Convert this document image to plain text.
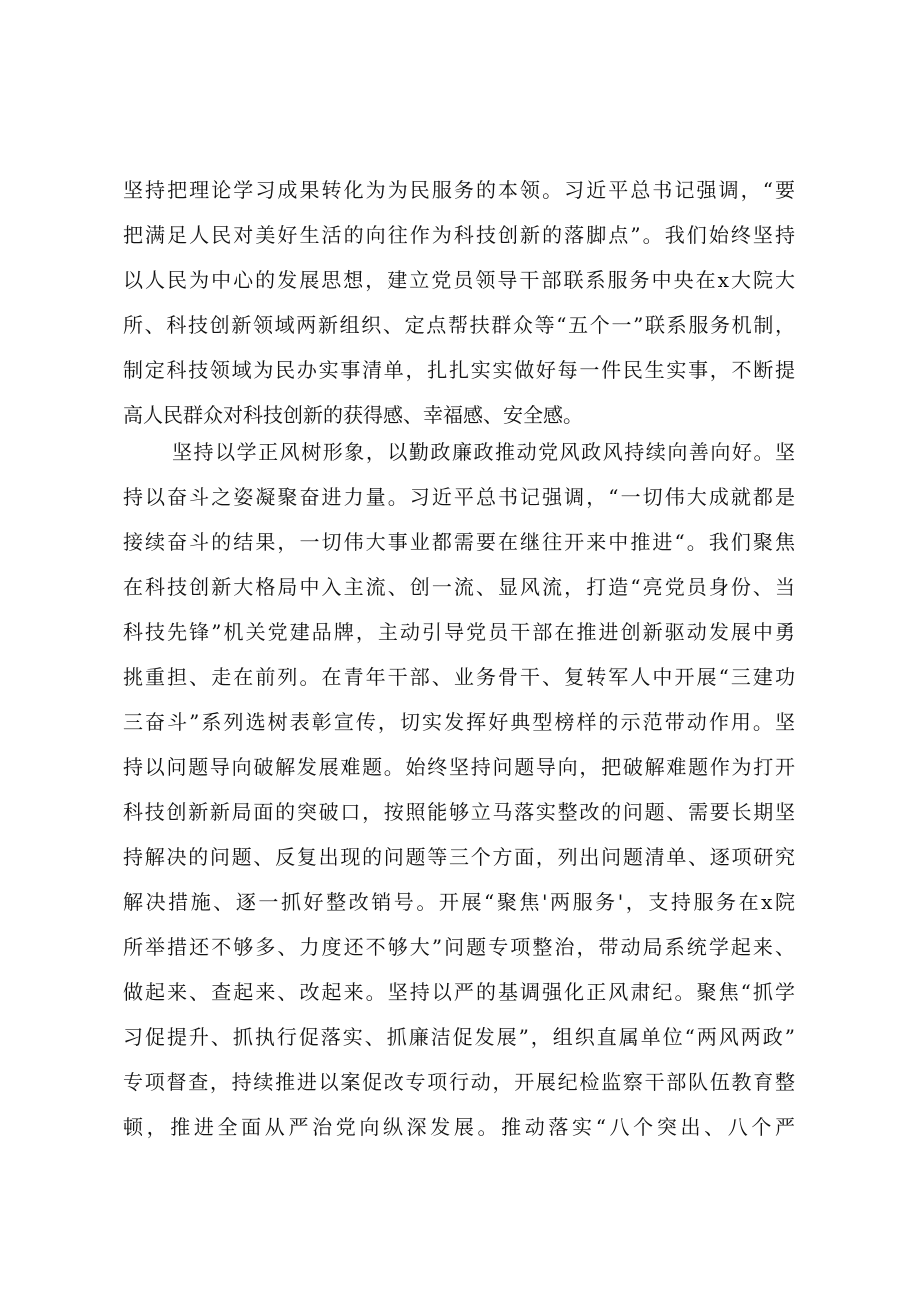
坚持把理论学习成果转化为为民服务的本领。习近平总书记强调，“要
把满足人民对美好生活的向往作为科技创新的落脚点”。我们始终坚持
以人民为中心的发展思想，建立党员领导干部联系服务中央在x大院大
所、科技创新领域两新组织、定点帮扶群众等“五个一”联系服务机制，
制定科技领域为民办实事清单，扎扎实实做好每一件民生实事，不断提
高人民群众对科技创新的获得感、幸福感、安全感。
坚持以学正风树形象，以勤政廉政推动党风政风持续向善向好。坚
持以奋斗之姿凝聚奋进力量。习近平总书记强调，“一切伟大成就都是
接续奋斗的结果，一切伟大事业都需要在继往开来中推进“。我们聚焦
在科技创新大格局中入主流、创一流、显风流，打造“亮党员身份、当
科技先锋”机关党建品牌，主动引导党员干部在推进创新驱动发展中勇
挑重担、走在前列。在青年干部、业务骨干、复转军人中开展“三建功
三奋斗”系列选树表彰宣传，切实发挥好典型榜样的示范带动作用。坚
持以问题导向破解发展难题。始终坚持问题导向，把破解难题作为打开
科技创新新局面的突破口，按照能够立马落实整改的问题、需要长期坚
持解决的问题、反复出现的问题等三个方面，列出问题清单、逐项研究
解决措施、逐一抓好整改销号。开展“聚焦'两服务'，支持服务在x院
所举措还不够多、力度还不够大”问题专项整治，带动局系统学起来、
做起来、查起来、改起来。坚持以严的基调强化正风肃纪。聚焦“抓学
习促提升、抓执行促落实、抓廉洁促发展”，组织直属单位“两风两政”
专项督查，持续推进以案促改专项行动，开展纪检监察干部队伍教育整
顿，推进全面从严治党向纵深发展。推动落实“八个突出、八个严
